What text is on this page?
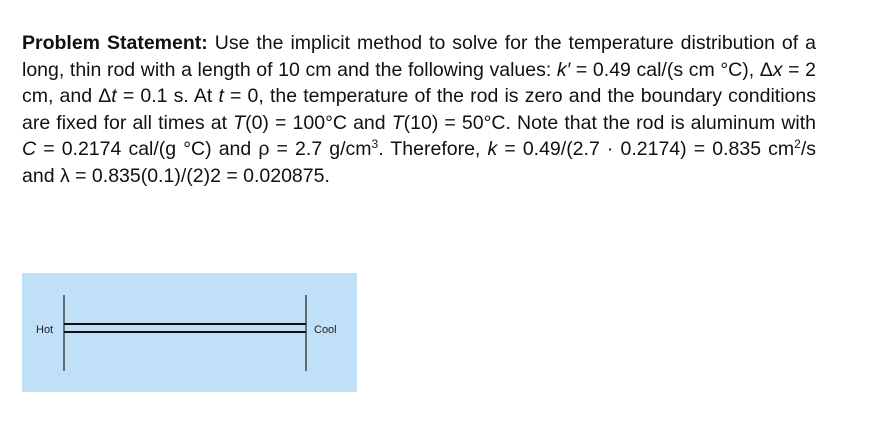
Problem Statement: Use the implicit method to solve for the temperature distribution of a long, thin rod with a length of 10 cm and the following values: k′ = 0.49 cal/(s cm °C), Δx = 2 cm, and Δt = 0.1 s. At t = 0, the temperature of the rod is zero and the boundary conditions are fixed for all times at T(0) = 100°C and T(10) = 50°C. Note that the rod is aluminum with C = 0.2174 cal/(g °C) and ρ = 2.7 $g/cm^3$. Therefore, k = 0.49/(2.7 · 0.2174) = 0.835 $cm^2/s$ and λ = 0.835(0.1)/(2)2 = 0.020875.

Hot	Cool
